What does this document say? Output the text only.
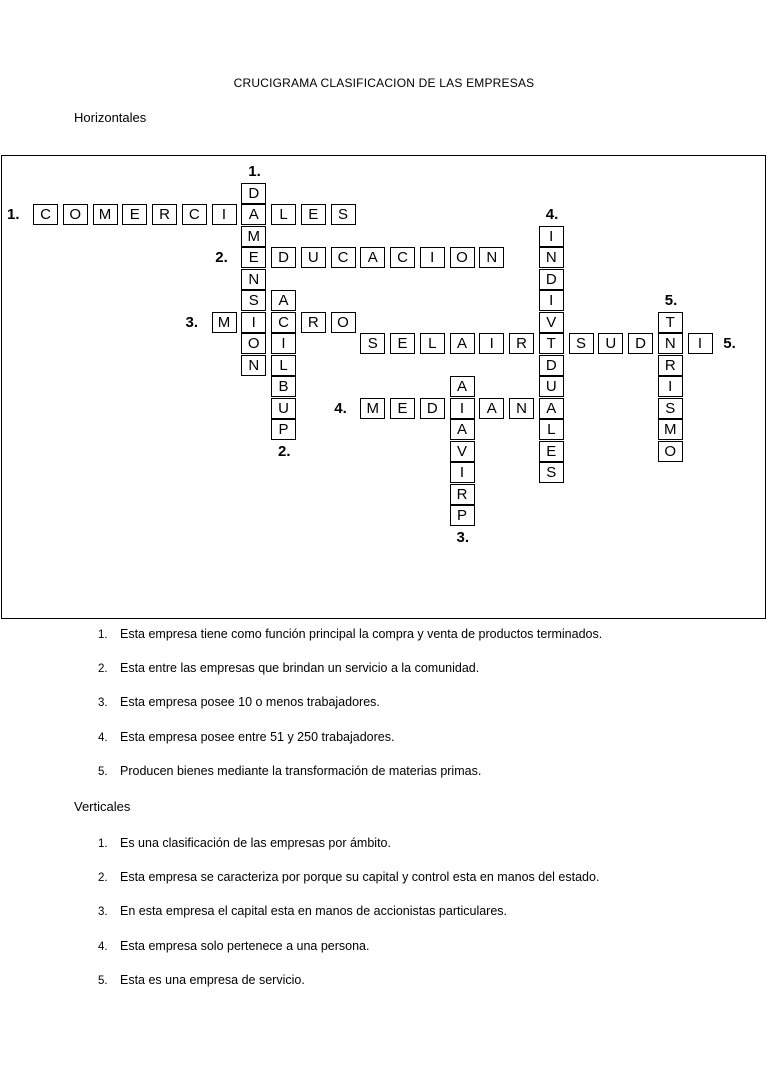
CRUCIGRAMA CLASIFICACION DE LAS EMPRESAS
Horizontales
C	O	M	E	R	C	I	A	L	E	S
1.
E	D	U	C	A	C	I	O	N
2.
M	I	C	R	O
3.
M	E	D	I	A	N	A
4.
S	E	L	A	I	R	T	S	U	D	N	I	5.
D
M
N
S
O
N
1.
A
I
L
B
U
P
2.
A
A
V
I
R
P
3.
I
N
D
I
V
D
U
L
E
S
4.
T
R
I
S
M
O
5.
1. Esta empresa tiene como función principal la compra y venta de productos terminados.
2. Esta entre las empresas que brindan un servicio a la comunidad.
3. Esta empresa posee 10 o menos trabajadores.
4. Esta empresa posee entre 51 y 250 trabajadores.
5. Producen bienes mediante la transformación de materias primas.
Verticales
1. Es una clasificación de las empresas por ámbito.
2. Esta empresa se caracteriza por porque su capital y control esta en manos del estado.
3. En esta empresa el capital esta en manos de accionistas particulares.
4. Esta empresa solo pertenece a una persona.
5. Esta es una empresa de servicio.
